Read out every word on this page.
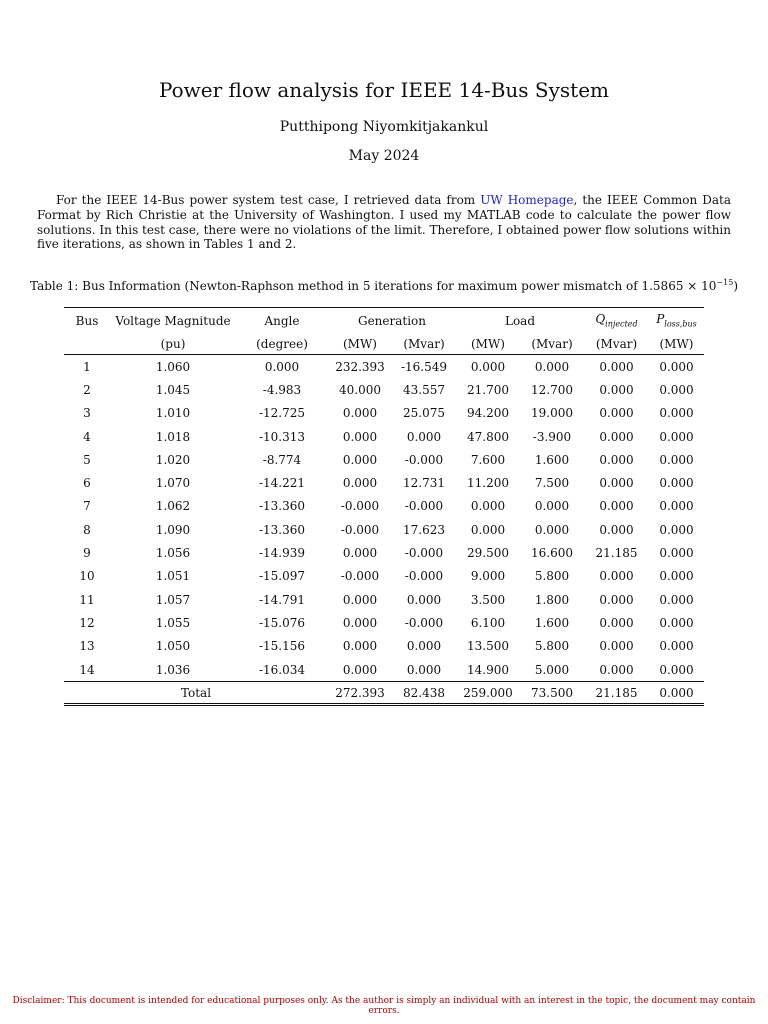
Power flow analysis for IEEE 14-Bus System
Putthipong Niyomkitjakankul
May 2024

For the IEEE 14-Bus power system test case, I retrieved data from UW Homepage, the IEEE Common Data Format by Rich Christie at the University of Washington. I used my MATLAB code to calculate the power flow solutions. In this test case, there were no violations of the limit. Therefore, I obtained power flow solutions within five iterations, as shown in Tables 1 and 2.

Table 1: Bus Information (Newton-Raphson method in 5 iterations for maximum power mismatch of $1.5865 \times 10^{-15}$)
Bus	Voltage Magnitude	Angle	Generation		Load		$Q_{injected}$	$P_{loss,bus}$
	(pu)	(degree)	(MW)	(Mvar)	(MW)	(Mvar)	(Mvar)	(MW)
1	1.060	0.000	232.393	-16.549	0.000	0.000	0.000	0.000
2	1.045	-4.983	40.000	43.557	21.700	12.700	0.000	0.000
3	1.010	-12.725	0.000	25.075	94.200	19.000	0.000	0.000
4	1.018	-10.313	0.000	0.000	47.800	-3.900	0.000	0.000
5	1.020	-8.774	0.000	-0.000	7.600	1.600	0.000	0.000
6	1.070	-14.221	0.000	12.731	11.200	7.500	0.000	0.000
7	1.062	-13.360	-0.000	-0.000	0.000	0.000	0.000	0.000
8	1.090	-13.360	-0.000	17.623	0.000	0.000	0.000	0.000
9	1.056	-14.939	0.000	-0.000	29.500	16.600	21.185	0.000
10	1.051	-15.097	-0.000	-0.000	9.000	5.800	0.000	0.000
11	1.057	-14.791	0.000	0.000	3.500	1.800	0.000	0.000
12	1.055	-15.076	0.000	-0.000	6.100	1.600	0.000	0.000
13	1.050	-15.156	0.000	0.000	13.500	5.800	0.000	0.000
14	1.036	-16.034	0.000	0.000	14.900	5.000	0.000	0.000
Total			272.393	82.438	259.000	73.500	21.185	0.000
Disclaimer: This document is intended for educational purposes only. As the author is simply an individual with an interest in the topic, the document may contain errors.
